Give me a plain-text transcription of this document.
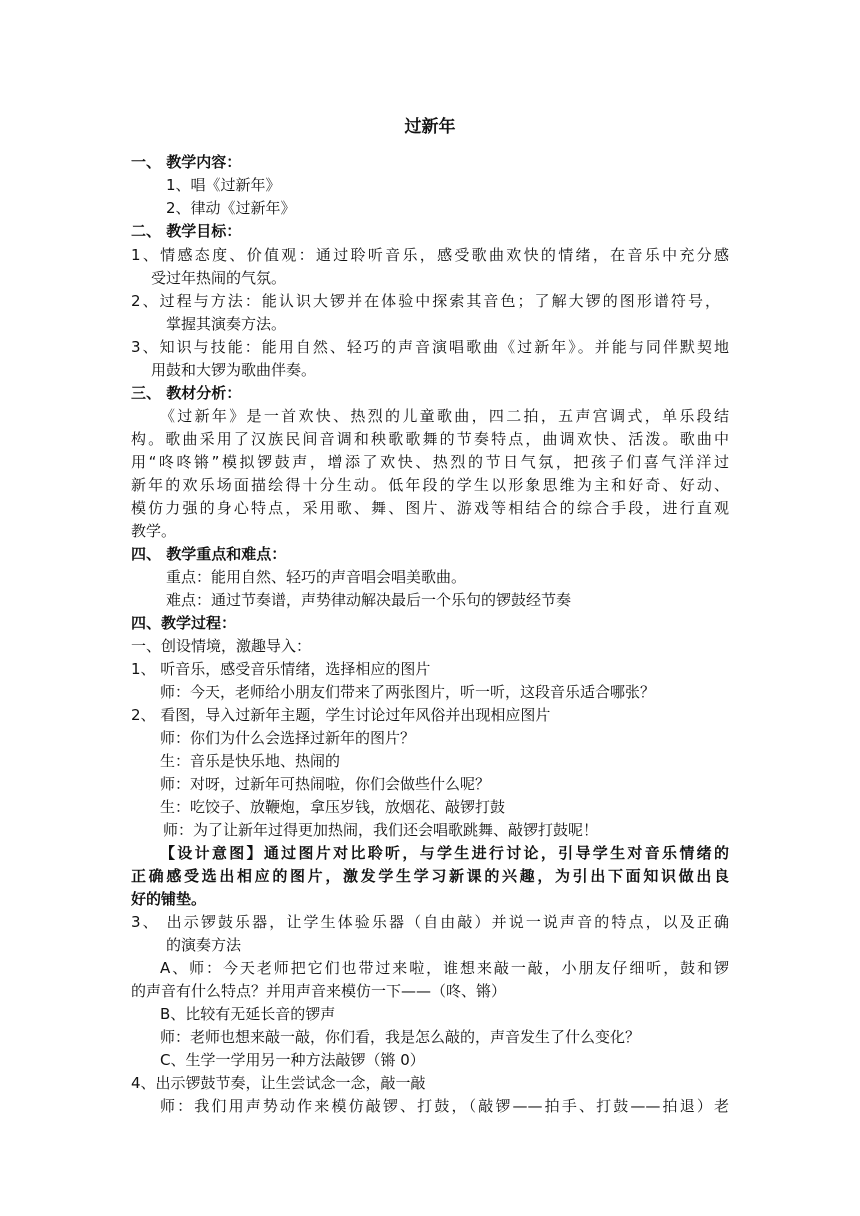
过新年
一、 教学内容：
1、唱《过新年》
2、律动《过新年》
二、 教学目标：
1、情感态度、价值观：通过聆听音乐，感受歌曲欢快的情绪，在音乐中充分感
受过年热闹的气氛。
2、过程与方法：能认识大锣并在体验中探索其音色；了解大锣的图形谱符号，
掌握其演奏方法。
3、知识与技能：能用自然、轻巧的声音演唱歌曲《过新年》。并能与同伴默契地
用鼓和大锣为歌曲伴奏。
三、 教材分析：
《过新年》是一首欢快、热烈的儿童歌曲，四二拍，五声宫调式，单乐段结
构。歌曲采用了汉族民间音调和秧歌歌舞的节奏特点，曲调欢快、活泼。歌曲中
用“咚咚锵”模拟锣鼓声，增添了欢快、热烈的节日气氛，把孩子们喜气洋洋过
新年的欢乐场面描绘得十分生动。低年段的学生以形象思维为主和好奇、好动、
模仿力强的身心特点，采用歌、舞、图片、游戏等相结合的综合手段，进行直观
教学。
四、 教学重点和难点：
重点：能用自然、轻巧的声音唱会唱美歌曲。
难点：通过节奏谱，声势律动解决最后一个乐句的锣鼓经节奏
四、教学过程：
一、创设情境，激趣导入：
1、 听音乐，感受音乐情绪，选择相应的图片
师：今天，老师给小朋友们带来了两张图片，听一听，这段音乐适合哪张？
2、 看图，导入过新年主题，学生讨论过年风俗并出现相应图片
师：你们为什么会选择过新年的图片？
生：音乐是快乐地、热闹的
师：对呀，过新年可热闹啦，你们会做些什么呢？
生：吃饺子、放鞭炮，拿压岁钱，放烟花、敲锣打鼓
师：为了让新年过得更加热闹，我们还会唱歌跳舞、敲锣打鼓呢！
【设计意图】通过图片对比聆听，与学生进行讨论，引导学生对音乐情绪的
正确感受选出相应的图片，激发学生学习新课的兴趣，为引出下面知识做出良
好的铺垫。
3、 出示锣鼓乐器，让学生体验乐器（自由敲）并说一说声音的特点，以及正确
的演奏方法
A、师：今天老师把它们也带过来啦，谁想来敲一敲，小朋友仔细听，鼓和锣
的声音有什么特点？并用声音来模仿一下——（咚、锵）
B、比较有无延长音的锣声
师：老师也想来敲一敲，你们看，我是怎么敲的，声音发生了什么变化？
C、生学一学用另一种方法敲锣（锵 0）
4、出示锣鼓节奏，让生尝试念一念，敲一敲
师：我们用声势动作来模仿敲锣、打鼓，（敲锣——拍手、打鼓——拍退）老
